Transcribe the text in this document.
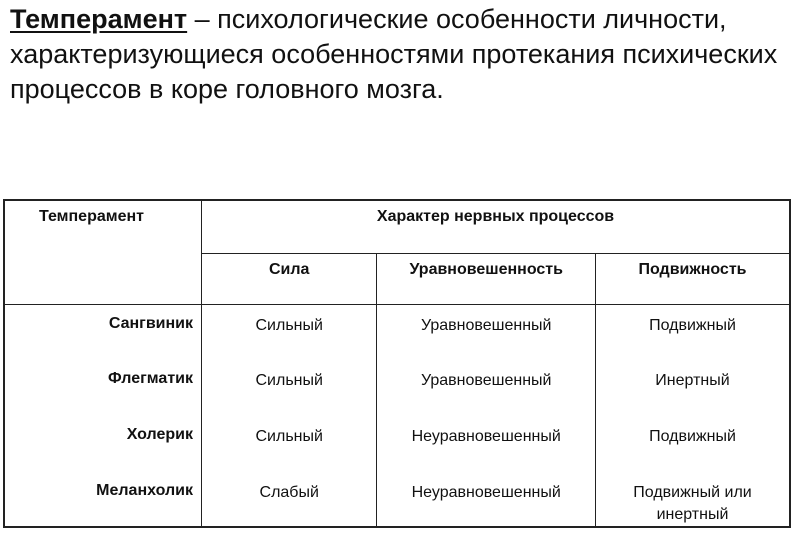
Темперамент – психологические особенности личности, характеризующиеся особенностями протекания психических процессов в коре головного мозга.
Темперамент	Характер нервных процессов		
	Сила	Уравновешенность	Подвижность
Сангвиник	Сильный	Уравновешенный	Подвижный
Флегматик	Сильный	Уравновешенный	Инертный
Холерик	Сильный	Неуравновешенный	Подвижный
Меланхолик	Слабый	Неуравновешенный	Подвижный или инертный
